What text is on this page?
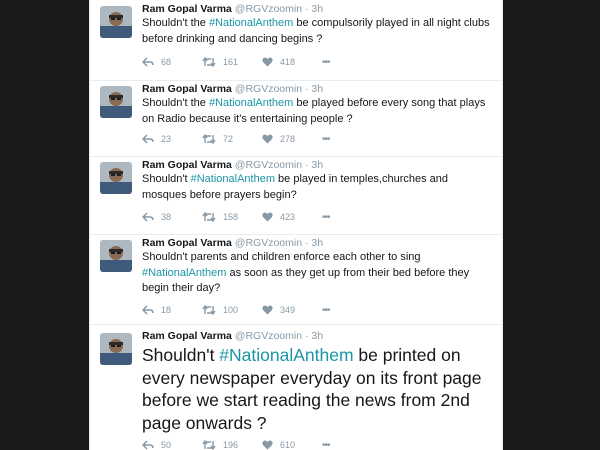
Ram Gopal Varma @RGVzoomin · 3h
Shouldn't the #NationalAnthem be compulsorily played in all night clubs before drinking and dancing begins ?
68	161	418	•••
Ram Gopal Varma @RGVzoomin · 3h
Shouldn't the #NationalAnthem be played before every song that plays on Radio because it's entertaining people ?
23	72	278	•••
Ram Gopal Varma @RGVzoomin · 3h
Shouldn't #NationalAnthem be played in temples,churches and mosques before prayers begin?
38	158	423	•••
Ram Gopal Varma @RGVzoomin · 3h
Shouldn't parents and children enforce each other to sing #NationalAnthem as soon as they get up from their bed before they begin their day?
18	100	349	•••
Ram Gopal Varma @RGVzoomin · 3h
Shouldn't #NationalAnthem be printed on every newspaper everyday on its front page before we start reading the news from 2nd page onwards ?
50	196	610	•••
